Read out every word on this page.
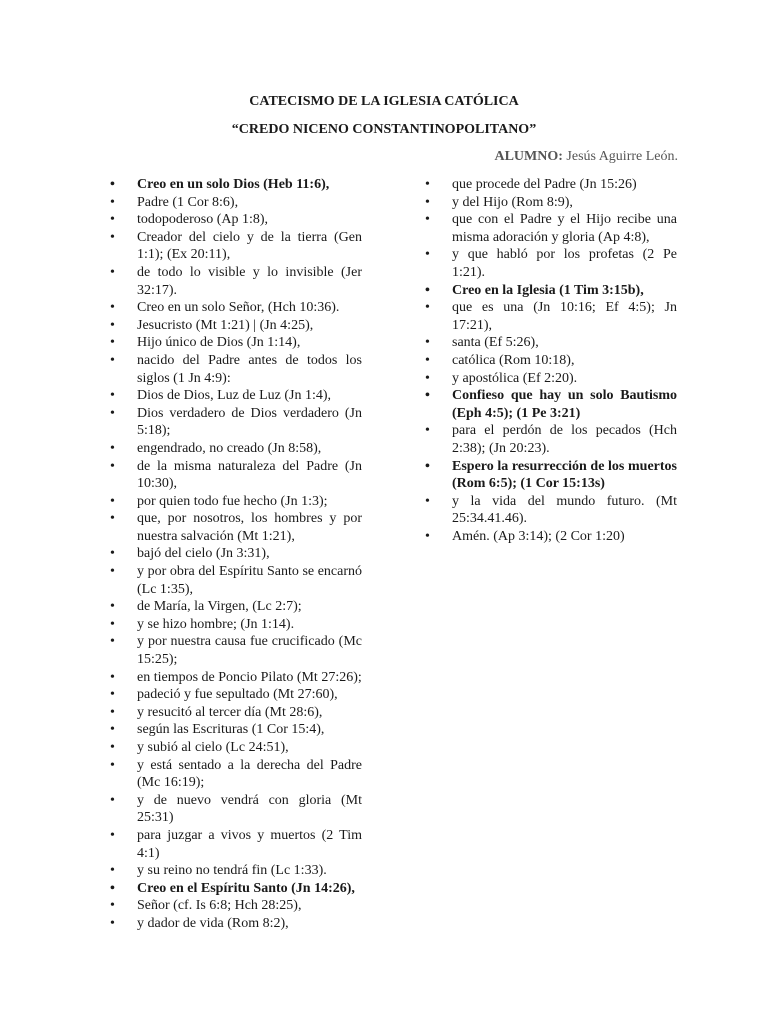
CATECISMO DE LA IGLESIA CATÓLICA
“CREDO NICENO CONSTANTINOPOLITANO”
ALUMNO: Jesús Aguirre León.
• Creo en un solo Dios (Heb 11:6),
• Padre (1 Cor 8:6),
• todopoderoso (Ap 1:8),
• Creador del cielo y de la tierra (Gen 1:1); (Ex 20:11),
• de todo lo visible y lo invisible (Jer 32:17).
• Creo en un solo Señor, (Hch 10:36).
• Jesucristo (Mt 1:21) | (Jn 4:25),
• Hijo único de Dios (Jn 1:14),
• nacido del Padre antes de todos los siglos (1 Jn 4:9):
• Dios de Dios, Luz de Luz (Jn 1:4),
• Dios verdadero de Dios verdadero (Jn 5:18);
• engendrado, no creado (Jn 8:58),
• de la misma naturaleza del Padre (Jn 10:30),
• por quien todo fue hecho (Jn 1:3);
• que, por nosotros, los hombres y por nuestra salvación (Mt 1:21),
• bajó del cielo (Jn 3:31),
• y por obra del Espíritu Santo se encarnó (Lc 1:35),
• de María, la Virgen, (Lc 2:7);
• y se hizo hombre; (Jn 1:14).
• y por nuestra causa fue crucificado (Mc 15:25);
• en tiempos de Poncio Pilato (Mt 27:26);
• padeció y fue sepultado (Mt 27:60),
• y resucitó al tercer día (Mt 28:6),
• según las Escrituras (1 Cor 15:4),
• y subió al cielo (Lc 24:51),
• y está sentado a la derecha del Padre (Mc 16:19);
• y de nuevo vendrá con gloria (Mt 25:31)
• para juzgar a vivos y muertos (2 Tim 4:1)
• y su reino no tendrá fin (Lc 1:33).
• Creo en el Espíritu Santo (Jn 14:26),
• Señor (cf. Is 6:8; Hch 28:25),
• y dador de vida (Rom 8:2),
• que procede del Padre (Jn 15:26)
• y del Hijo (Rom 8:9),
• que con el Padre y el Hijo recibe una misma adoración y gloria (Ap 4:8),
• y que habló por los profetas (2 Pe 1:21).
• Creo en la Iglesia (1 Tim 3:15b),
• que es una (Jn 10:16; Ef 4:5); Jn 17:21),
• santa (Ef 5:26),
• católica (Rom 10:18),
• y apostólica (Ef 2:20).
• Confieso que hay un solo Bautismo (Eph 4:5); (1 Pe 3:21)
• para el perdón de los pecados (Hch 2:38); (Jn 20:23).
• Espero la resurrección de los muertos (Rom 6:5); (1 Cor 15:13s)
• y la vida del mundo futuro. (Mt 25:34.41.46).
• Amén. (Ap 3:14); (2 Cor 1:20)
